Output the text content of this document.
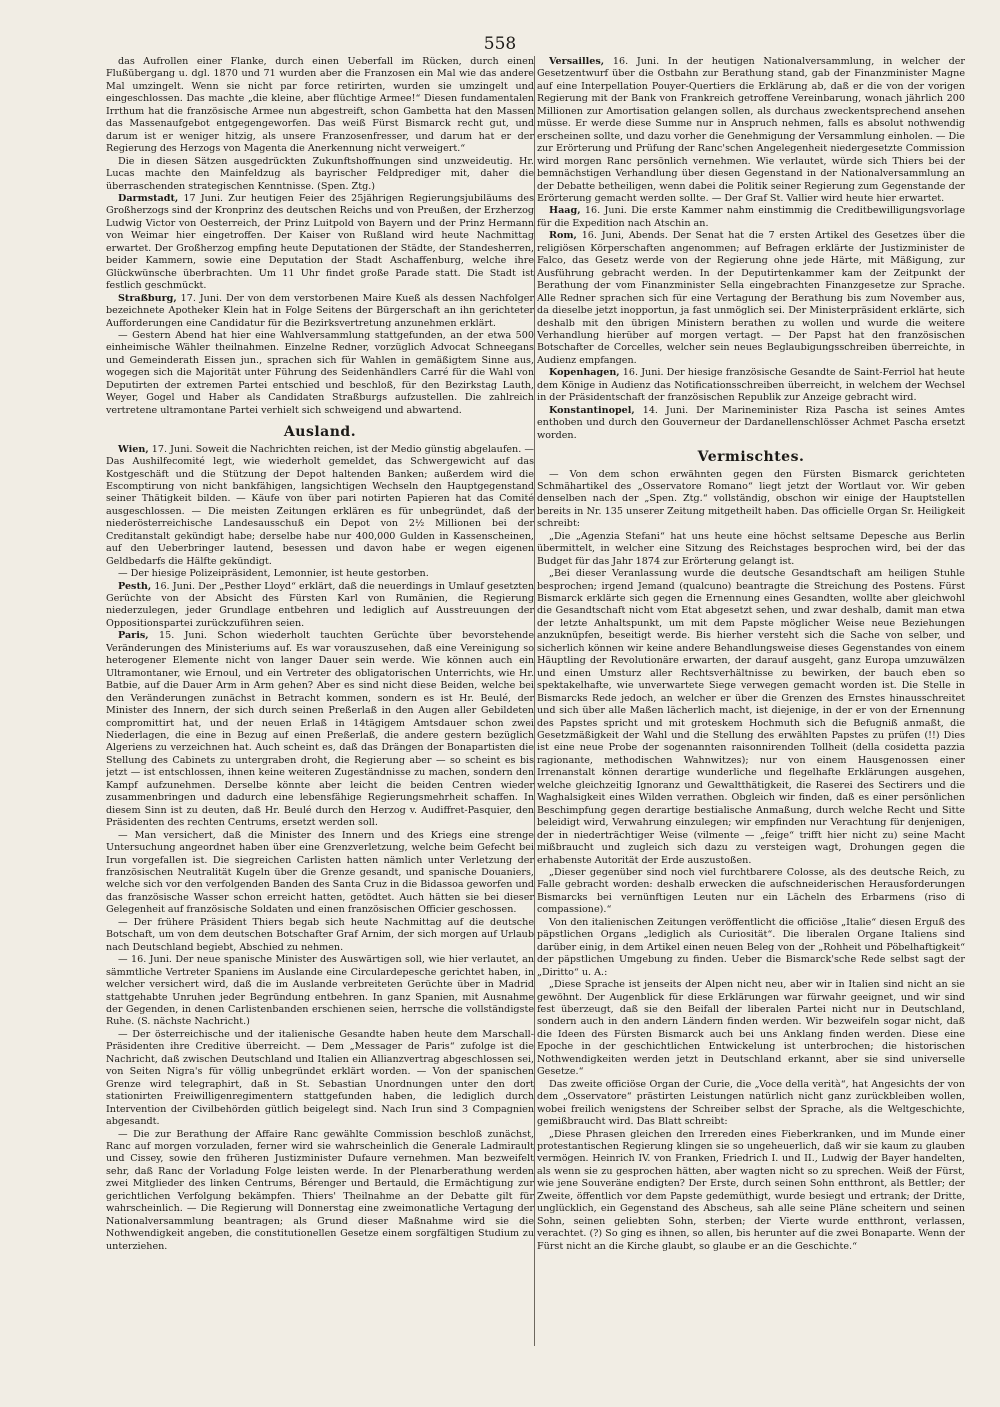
558

das Aufrollen einer Flanke, durch einen Ueberfall im Rücken, durch einen Flußübergang u. dgl. 1870 und 71 wurden aber die Franzosen ein Mal wie das andere Mal umzingelt. Wenn sie nicht par force retirirten, wurden sie umzingelt und eingeschlossen. Das machte „die kleine, aber flüchtige Armee!“ Diesen fundamentalen Irrthum hat die französische Armee nun abgestreift, schon Gambetta hat den Massen das Massenaufgebot entgegengeworfen. Das weiß Fürst Bismarck recht gut, und darum ist er weniger hitzig, als unsere Franzosenfresser, und darum hat er der Regierung des Herzogs von Magenta die Anerkennung nicht verweigert.“

Die in diesen Sätzen ausgedrückten Zukunftshoffnungen sind unzweideutig. Hr. Lucas machte den Mainfeldzug als bayrischer Feldprediger mit, daher die überraschenden strategischen Kenntnisse. (Spen. Ztg.)

Darmstadt, 17 Juni. Zur heutigen Feier des 25jährigen Regierungsjubiläums des Großherzogs sind der Kronprinz des deutschen Reichs und von Preußen, der Erzherzog Ludwig Victor von Oesterreich, der Prinz Luitpold von Bayern und der Prinz Hermann von Weimar hier eingetroffen. Der Kaiser von Rußland wird heute Nachmittag erwartet. Der Großherzog empfing heute Deputationen der Städte, der Standesherren, beider Kammern, sowie eine Deputation der Stadt Aschaffenburg, welche ihre Glückwünsche überbrachten. Um 11 Uhr findet große Parade statt. Die Stadt ist festlich geschmückt.

Straßburg, 17. Juni. Der von dem verstorbenen Maire Kueß als dessen Nachfolger bezeichnete Apotheker Klein hat in Folge Seitens der Bürgerschaft an ihn gerichteter Aufforderungen eine Candidatur für die Bezirksvertretung anzunehmen erklärt.

— Gestern Abend hat hier eine Wahlversammlung stattgefunden, an der etwa 500 einheimische Wähler theilnahmen. Einzelne Redner, vorzüglich Advocat Schneegans und Gemeinderath Eissen jun., sprachen sich für Wahlen in gemäßigtem Sinne aus, wogegen sich die Majorität unter Führung des Seidenhändlers Carré für die Wahl von Deputirten der extremen Partei entschied und beschloß, für den Bezirkstag Lauth, Weyer, Gogel und Haber als Candidaten Straßburgs aufzustellen. Die zahlreich vertretene ultramontane Partei verhielt sich schweigend und abwartend.

Ausland.

Wien, 17. Juni. Soweit die Nachrichten reichen, ist der Medio günstig abgelaufen. — Das Aushilfecomité legt, wie wiederholt gemeldet, das Schwergewicht auf das Kostgeschäft und die Stützung der Depot haltenden Banken; außerdem wird die Escomptirung von nicht bankfähigen, langsichtigen Wechseln den Hauptgegenstand seiner Thätigkeit bilden. — Käufe von über pari notirten Papieren hat das Comité ausgeschlossen. — Die meisten Zeitungen erklären es für unbegründet, daß der niederösterreichische Landesausschuß ein Depot von 2½ Millionen bei der Creditanstalt gekündigt habe; derselbe habe nur 400,000 Gulden in Kassenscheinen, auf den Ueberbringer lautend, besessen und davon habe er wegen eigenen Geldbedarfs die Hälfte gekündigt.

— Der hiesige Polizeipräsident, Lemonnier, ist heute gestorben.

Pesth, 16. Juni. Der „Pesther Lloyd“ erklärt, daß die neuerdings in Umlauf gesetzten Gerüchte von der Absicht des Fürsten Karl von Rumänien, die Regierung niederzulegen, jeder Grundlage entbehren und lediglich auf Ausstreuungen der Oppositionspartei zurückzuführen seien.

Paris, 15. Juni. Schon wiederholt tauchten Gerüchte über bevorstehende Veränderungen des Ministeriums auf. Es war vorauszusehen, daß eine Vereinigung so heterogener Elemente nicht von langer Dauer sein werde. Wie können auch ein Ultramontaner, wie Ernoul, und ein Vertreter des obligatorischen Unterrichts, wie Hr. Batbie, auf die Dauer Arm in Arm gehen? Aber es sind nicht diese Beiden, welche bei den Veränderungen zunächst in Betracht kommen, sondern es ist Hr. Beulé, der Minister des Innern, der sich durch seinen Preßerlaß in den Augen aller Gebildeten compromittirt hat, und der neuen Erlaß in 14tägigem Amtsdauer schon zwei Niederlagen, die eine in Bezug auf einen Preßerlaß, die andere gestern bezüglich Algeriens zu verzeichnen hat. Auch scheint es, daß das Drängen der Bonapartisten die Stellung des Cabinets zu untergraben droht, die Regierung aber — so scheint es bis jetzt — ist entschlossen, ihnen keine weiteren Zugeständnisse zu machen, sondern den Kampf aufzunehmen. Derselbe könnte aber leicht die beiden Centren wieder zusammenbringen und dadurch eine lebensfähige Regierungsmehrheit schaffen. In diesem Sinn ist zu deuten, daß Hr. Beulé durch den Herzog v. Audiffret-Pasquier, den Präsidenten des rechten Centrums, ersetzt werden soll.

— Man versichert, daß die Minister des Innern und des Kriegs eine strenge Untersuchung angeordnet haben über eine Grenzverletzung, welche beim Gefecht bei Irun vorgefallen ist. Die siegreichen Carlisten hatten nämlich unter Verletzung der französischen Neutralität Kugeln über die Grenze gesandt, und spanische Douaniers, welche sich vor den verfolgenden Banden des Santa Cruz in die Bidassoa geworfen und das französische Wasser schon erreicht hatten, getödtet. Auch hätten sie bei dieser Gelegenheit auf französische Soldaten und einen französischen Officier geschossen.

— Der frühere Präsident Thiers begab sich heute Nachmittag auf die deutsche Botschaft, um von dem deutschen Botschafter Graf Arnim, der sich morgen auf Urlaub nach Deutschland begiebt, Abschied zu nehmen.

— 16. Juni. Der neue spanische Minister des Auswärtigen soll, wie hier verlautet, an sämmtliche Vertreter Spaniens im Auslande eine Circulardepesche gerichtet haben, in welcher versichert wird, daß die im Auslande verbreiteten Gerüchte über in Madrid stattgehabte Unruhen jeder Begründung entbehren. In ganz Spanien, mit Ausnahme der Gegenden, in denen Carlistenbanden erschienen seien, herrsche die vollständigste Ruhe. (S. nächste Nachricht.)

— Der österreichische und der italienische Gesandte haben heute dem Marschall-Präsidenten ihre Creditive überreicht. — Dem „Messager de Paris“ zufolge ist die Nachricht, daß zwischen Deutschland und Italien ein Allianzvertrag abgeschlossen sei, von Seiten Nigra's für völlig unbegründet erklärt worden. — Von der spanischen Grenze wird telegraphirt, daß in St. Sebastian Unordnungen unter den dort stationirten Freiwilligenregimentern stattgefunden haben, die lediglich durch Intervention der Civilbehörden gütlich beigelegt sind. Nach Irun sind 3 Compagnien abgesandt.

— Die zur Berathung der Affaire Ranc gewählte Commission beschloß zunächst, Ranc auf morgen vorzuladen, ferner wird sie wahrscheinlich die Generale Ladmirault und Cissey, sowie den früheren Justizminister Dufaure vernehmen. Man bezweifelt sehr, daß Ranc der Vorladung Folge leisten werde. In der Plenarberathung werden zwei Mitglieder des linken Centrums, Bérenger und Bertauld, die Ermächtigung zur gerichtlichen Verfolgung bekämpfen. Thiers' Theilnahme an der Debatte gilt für wahrscheinlich. — Die Regierung will Donnerstag eine zweimonatliche Vertagung der Nationalversammlung beantragen; als Grund dieser Maßnahme wird sie die Nothwendigkeit angeben, die constitutionellen Gesetze einem sorgfältigen Studium zu unterziehen.

Versailles, 16. Juni. In der heutigen Nationalversammlung, in welcher der Gesetzentwurf über die Ostbahn zur Berathung stand, gab der Finanzminister Magne auf eine Interpellation Pouyer-Quertiers die Erklärung ab, daß er die von der vorigen Regierung mit der Bank von Frankreich getroffene Vereinbarung, wonach jährlich 200 Millionen zur Amortisation gelangen sollen, als durchaus zweckentsprechend ansehen müsse. Er werde diese Summe nur in Anspruch nehmen, falls es absolut nothwendig erscheinen sollte, und dazu vorher die Genehmigung der Versammlung einholen. — Die zur Erörterung und Prüfung der Ranc'schen Angelegenheit niedergesetzte Commission wird morgen Ranc persönlich vernehmen. Wie verlautet, würde sich Thiers bei der bemnächstigen Verhandlung über diesen Gegenstand in der Nationalversammlung an der Debatte betheiligen, wenn dabei die Politik seiner Regierung zum Gegenstande der Erörterung gemacht werden sollte. — Der Graf St. Vallier wird heute hier erwartet.

Haag, 16. Juni. Die erste Kammer nahm einstimmig die Creditbewilligungsvorlage für die Expedition nach Atschin an.

Rom, 16. Juni, Abends. Der Senat hat die 7 ersten Artikel des Gesetzes über die religiösen Körperschaften angenommen; auf Befragen erklärte der Justizminister de Falco, das Gesetz werde von der Regierung ohne jede Härte, mit Mäßigung, zur Ausführung gebracht werden. In der Deputirtenkammer kam der Zeitpunkt der Berathung der vom Finanzminister Sella eingebrachten Finanzgesetze zur Sprache. Alle Redner sprachen sich für eine Vertagung der Berathung bis zum November aus, da dieselbe jetzt inopportun, ja fast unmöglich sei. Der Ministerpräsident erklärte, sich deshalb mit den übrigen Ministern berathen zu wollen und wurde die weitere Verhandlung hierüber auf morgen vertagt. — Der Papst hat den französischen Botschafter de Corcelles, welcher sein neues Beglaubigungsschreiben überreichte, in Audienz empfangen.

Kopenhagen, 16. Juni. Der hiesige französische Gesandte de Saint-Ferriol hat heute dem Könige in Audienz das Notificationsschreiben überreicht, in welchem der Wechsel in der Präsidentschaft der französischen Republik zur Anzeige gebracht wird.

Konstantinopel, 14. Juni. Der Marineminister Riza Pascha ist seines Amtes enthoben und durch den Gouverneur der Dardanellenschlösser Achmet Pascha ersetzt worden.

Vermischtes.

— Von dem schon erwähnten gegen den Fürsten Bismarck gerichteten Schmähartikel des „Osservatore Romano“ liegt jetzt der Wortlaut vor. Wir geben denselben nach der „Spen. Ztg.“ vollständig, obschon wir einige der Hauptstellen bereits in Nr. 135 unserer Zeitung mitgetheilt haben. Das officielle Organ Sr. Heiligkeit schreibt:

„Die „Agenzia Stefani“ hat uns heute eine höchst seltsame Depesche aus Berlin übermittelt, in welcher eine Sitzung des Reichstages besprochen wird, bei der das Budget für das Jahr 1874 zur Erörterung gelangt ist.

„Bei dieser Veranlassung wurde die deutsche Gesandtschaft am heiligen Stuhle besprochen; irgend Jemand (qualcuno) beantragte die Streichung des Postens. Fürst Bismarck erklärte sich gegen die Ernennung eines Gesandten, wollte aber gleichwohl die Gesandtschaft nicht vom Etat abgesetzt sehen, und zwar deshalb, damit man etwa der letzte Anhaltspunkt, um mit dem Papste möglicher Weise neue Beziehungen anzuknüpfen, beseitigt werde. Bis hierher versteht sich die Sache von selber, und sicherlich können wir keine andere Behandlungsweise dieses Gegenstandes von einem Häuptling der Revolutionäre erwarten, der darauf ausgeht, ganz Europa umzuwälzen und einen Umsturz aller Rechtsverhältnisse zu bewirken, der bauch eben so spektakelhafte, wie unverwartete Siege verwegen gemacht worden ist. Die Stelle in Bismarcks Rede jedoch, an welcher er über die Grenzen des Ernstes hinausschreitet und sich über alle Maßen lächerlich macht, ist diejenige, in der er von der Ernennung des Papstes spricht und mit groteskem Hochmuth sich die Befugniß anmaßt, die Gesetzmäßigkeit der Wahl und die Stellung des erwählten Papstes zu prüfen (!!) Dies ist eine neue Probe der sogenannten raisonnirenden Tollheit (della cosidetta pazzia ragionante, methodischen Wahnwitzes); nur von einem Hausgenossen einer Irrenanstalt können derartige wunderliche und flegelhafte Erklärungen ausgehen, welche gleichzeitig Ignoranz und Gewaltthätigkeit, die Raserei des Sectirers und die Waghalsigkeit eines Wilden verrathen. Obgleich wir finden, daß es einer persönlichen Beschimpfung gegen derartige bestialische Anmaßung, durch welche Recht und Sitte beleidigt wird, Verwahrung einzulegen; wir empfinden nur Verachtung für denjenigen, der in niederträchtiger Weise (vilmente — „feige“ trifft hier nicht zu) seine Macht mißbraucht und zugleich sich dazu zu versteigen wagt, Drohungen gegen die erhabenste Autorität der Erde auszustoßen.

„Dieser gegenüber sind noch viel furchtbarere Colosse, als des deutsche Reich, zu Falle gebracht worden: deshalb erwecken die aufschneiderischen Herausforderungen Bismarcks bei vernünftigen Leuten nur ein Lächeln des Erbarmens (riso di compassione).“

Von den italienischen Zeitungen veröffentlicht die officiöse „Italie“ diesen Erguß des päpstlichen Organs „lediglich als Curiosität“. Die liberalen Organe Italiens sind darüber einig, in dem Artikel einen neuen Beleg von der „Rohheit und Pöbelhaftigkeit“ der päpstlichen Umgebung zu finden. Ueber die Bismarck'sche Rede selbst sagt der „Diritto“ u. A.:

„Diese Sprache ist jenseits der Alpen nicht neu, aber wir in Italien sind nicht an sie gewöhnt. Der Augenblick für diese Erklärungen war fürwahr geeignet, und wir sind fest überzeugt, daß sie den Beifall der liberalen Partei nicht nur in Deutschland, sondern auch in den andern Ländern finden werden. Wir bezweifeln sogar nicht, daß die Ideen des Fürsten Bismarck auch bei uns Anklang finden werden. Diese eine Epoche in der geschichtlichen Entwickelung ist unterbrochen; die historischen Nothwendigkeiten werden jetzt in Deutschland erkannt, aber sie sind universelle Gesetze.“

Das zweite officiöse Organ der Curie, die „Voce della verità“, hat Angesichts der von dem „Osservatore“ prästirten Leistungen natürlich nicht ganz zurückbleiben wollen, wobei freilich wenigstens der Schreiber selbst der Sprache, als die Weltgeschichte, gemißbraucht wird. Das Blatt schreibt:

„Diese Phrasen gleichen den Irrereden eines Fieberkranken, und im Munde einer protestantischen Regierung klingen sie so ungeheuerlich, daß wir sie kaum zu glauben vermögen. Heinrich IV. von Franken, Friedrich I. und II., Ludwig der Bayer handelten, als wenn sie zu gesprochen hätten, aber wagten nicht so zu sprechen. Weiß der Fürst, wie jene Souveräne endigten? Der Erste, durch seinen Sohn entthront, als Bettler; der Zweite, öffentlich vor dem Papste gedemüthigt, wurde besiegt und ertrank; der Dritte, unglücklich, ein Gegenstand des Abscheus, sah alle seine Pläne scheitern und seinen Sohn, seinen geliebten Sohn, sterben; der Vierte wurde entthront, verlassen, verachtet. (?) So ging es ihnen, so allen, bis herunter auf die zwei Bonaparte. Wenn der Fürst nicht an die Kirche glaubt, so glaube er an die Geschichte.“
